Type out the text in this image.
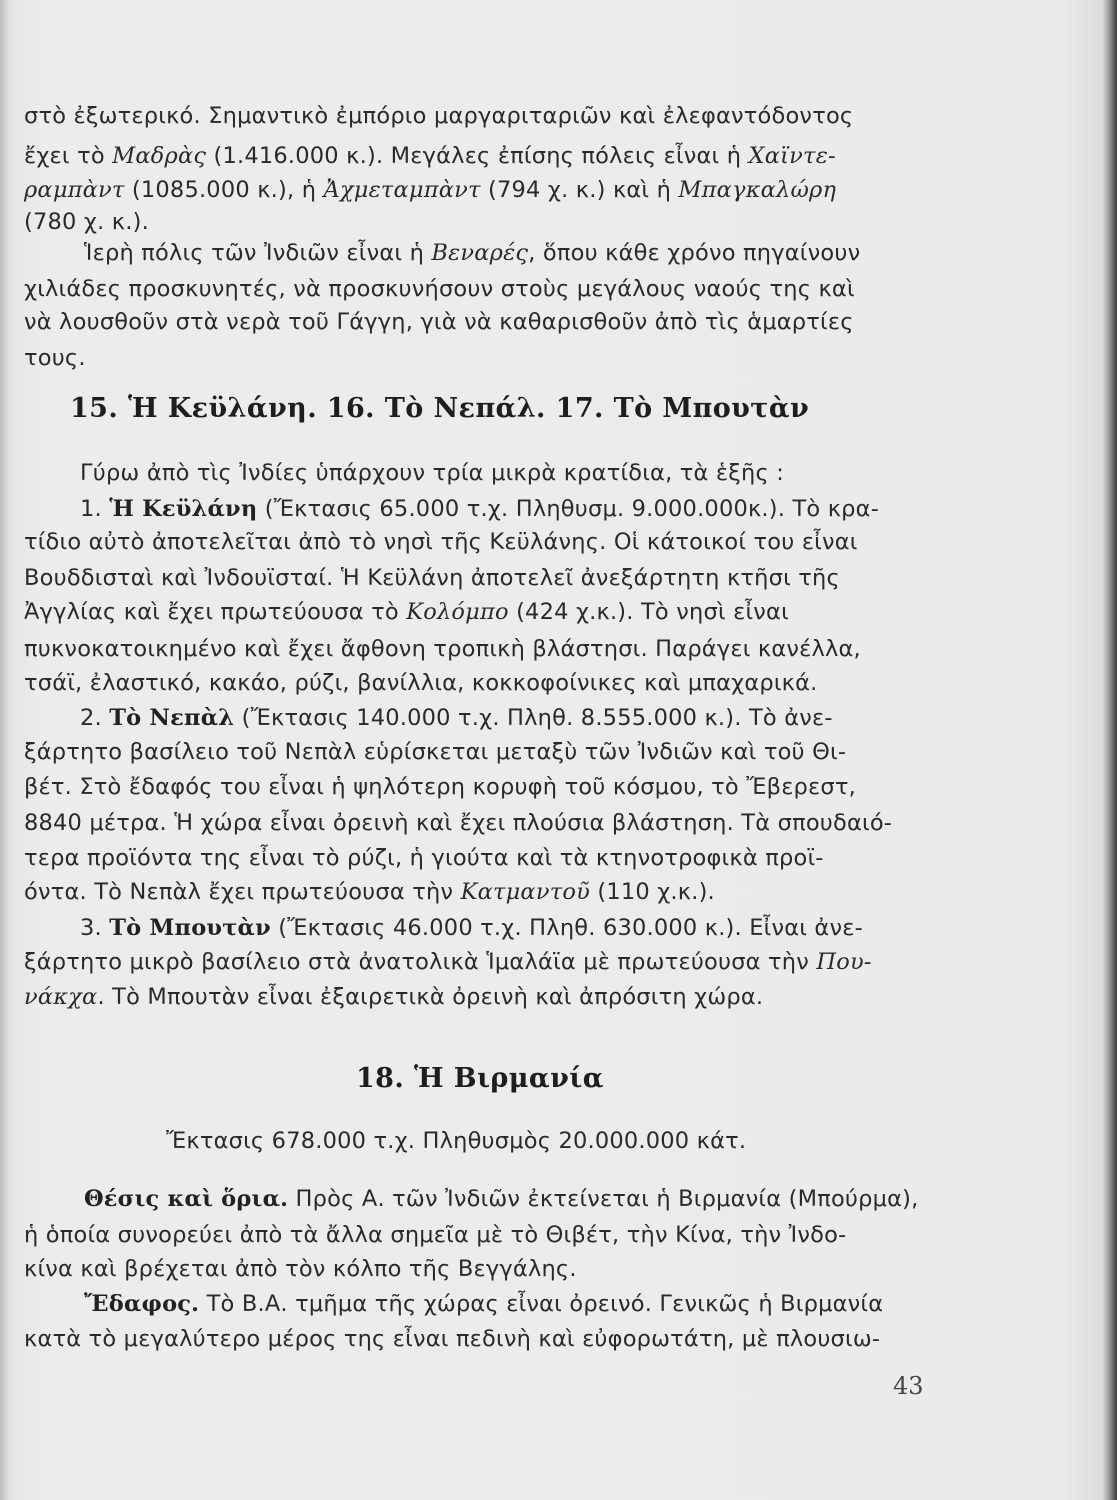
στὸ ἐξωτερικό. Σημαντικὸ ἐμπόριο μαργαριταριῶν καὶ ἐλεφαντόδοντος
ἔχει τὸ Μαδρὰς (1.416.000 κ.). Μεγάλες ἐπίσης πόλεις εἶναι ἡ Χαϊντε-
ραμπὰντ (1085.000 κ.), ἡ Ἀχμεταμπὰντ (794 χ. κ.) καὶ ἡ Μπαγκαλώρη
(780 χ. κ.).
Ἱερὴ πόλις τῶν Ἰνδιῶν εἶναι ἡ Βεναρές, ὅπου κάθε χρόνο πηγαίνουν
χιλιάδες προσκυνητές, νὰ προσκυνήσουν στοὺς μεγάλους ναούς της καὶ
νὰ λουσθοῦν στὰ νερὰ τοῦ Γάγγη, γιὰ νὰ καθαρισθοῦν ἀπὸ τὶς ἁμαρτίες
τους.
15. Ἡ Κεϋλάνη. 16. Τὸ Νεπάλ. 17. Τὸ Μπουτὰν
Γύρω ἀπὸ τὶς Ἰνδίες ὑπάρχουν τρία μικρὰ κρατίδια, τὰ ἑξῆς :
1. Ἡ Κεϋλάνη (Ἔκτασις 65.000 τ.χ. Πληθυσμ. 9.000.000κ.). Τὸ κρα-
τίδιο αὐτὸ ἀποτελεῖται ἀπὸ τὸ νησὶ τῆς Κεϋλάνης. Οἱ κάτοικοί του εἶναι
Βουδδισταὶ καὶ Ἰνδουϊσταί. Ἡ Κεϋλάνη ἀποτελεῖ ἀνεξάρτητη κτῆσι τῆς
Ἀγγλίας καὶ ἔχει πρωτεύουσα τὸ Κολόμπο (424 χ.κ.). Τὸ νησὶ εἶναι
πυκνοκατοικημένο καὶ ἔχει ἄφθονη τροπικὴ βλάστησι. Παράγει κανέλλα,
τσάϊ, ἐλαστικό, κακάο, ρύζι, βανίλλια, κοκκοφοίνικες καὶ μπαχαρικά.
2. Τὸ Νεπὰλ (Ἔκτασις 140.000 τ.χ. Πληθ. 8.555.000 κ.). Τὸ ἀνε-
ξάρτητο βασίλειο τοῦ Νεπὰλ εὑρίσκεται μεταξὺ τῶν Ἰνδιῶν καὶ τοῦ Θι-
βέτ. Στὸ ἔδαφός του εἶναι ἡ ψηλότερη κορυφὴ τοῦ κόσμου, τὸ Ἔβερεστ,
8840 μέτρα. Ἡ χώρα εἶναι ὀρεινὴ καὶ ἔχει πλούσια βλάστηση. Τὰ σπουδαιό-
τερα προϊόντα της εἶναι τὸ ρύζι, ἡ γιούτα καὶ τὰ κτηνοτροφικὰ προϊ-
όντα. Τὸ Νεπὰλ ἔχει πρωτεύουσα τὴν Κατμαντοῦ (110 χ.κ.).
3. Τὸ Μπουτὰν (Ἔκτασις 46.000 τ.χ. Πληθ. 630.000 κ.). Εἶναι ἀνε-
ξάρτητο μικρὸ βασίλειο στὰ ἀνατολικὰ Ἱμαλάϊα μὲ πρωτεύουσα τὴν Που-
νάκχα. Τὸ Μπουτὰν εἶναι ἐξαιρετικὰ ὀρεινὴ καὶ ἀπρόσιτη χώρα.
18. Ἡ Βιρμανία
Ἔκτασις 678.000 τ.χ. Πληθυσμὸς 20.000.000 κάτ.
Θέσις καὶ ὅρια. Πρὸς Α. τῶν Ἰνδιῶν ἐκτείνεται ἡ Βιρμανία (Μπούρμα),
ἡ ὁποία συνορεύει ἀπὸ τὰ ἄλλα σημεῖα μὲ τὸ Θιβέτ, τὴν Κίνα, τὴν Ἰνδο-
κίνα καὶ βρέχεται ἀπὸ τὸν κόλπο τῆς Βεγγάλης.
Ἔδαφος. Τὸ Β.Α. τμῆμα τῆς χώρας εἶναι ὀρεινό. Γενικῶς ἡ Βιρμανία
κατὰ τὸ μεγαλύτερο μέρος της εἶναι πεδινὴ καὶ εὐφορωτάτη, μὲ πλουσιω-
43
